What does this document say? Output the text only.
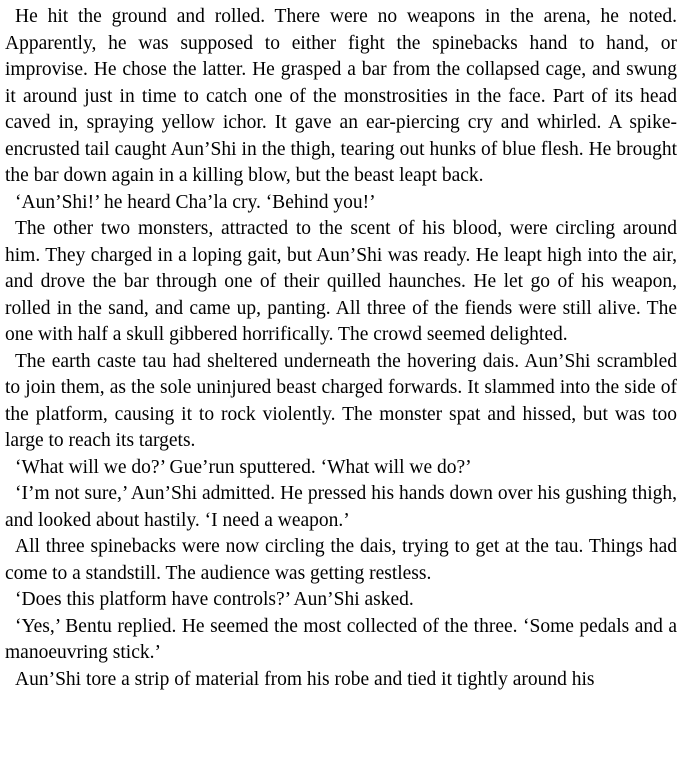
He hit the ground and rolled. There were no weapons in the arena, he noted. Apparently, he was supposed to either fight the spinebacks hand to hand, or improvise. He chose the latter. He grasped a bar from the collapsed cage, and swung it around just in time to catch one of the monstrosities in the face. Part of its head caved in, spraying yellow ichor. It gave an ear-piercing cry and whirled. A spike-encrusted tail caught Aun’Shi in the thigh, tearing out hunks of blue flesh. He brought the bar down again in a killing blow, but the beast leapt back.

‘Aun’Shi!’ he heard Cha’la cry. ‘Behind you!’

The other two monsters, attracted to the scent of his blood, were circling around him. They charged in a loping gait, but Aun’Shi was ready. He leapt high into the air, and drove the bar through one of their quilled haunches. He let go of his weapon, rolled in the sand, and came up, panting. All three of the fiends were still alive. The one with half a skull gibbered horrifically. The crowd seemed delighted.

The earth caste tau had sheltered underneath the hovering dais. Aun’Shi scrambled to join them, as the sole uninjured beast charged forwards. It slammed into the side of the platform, causing it to rock violently. The monster spat and hissed, but was too large to reach its targets.

‘What will we do?’ Gue’run sputtered. ‘What will we do?’

‘I’m not sure,’ Aun’Shi admitted. He pressed his hands down over his gushing thigh, and looked about hastily. ‘I need a weapon.’

All three spinebacks were now circling the dais, trying to get at the tau. Things had come to a standstill. The audience was getting restless.

‘Does this platform have controls?’ Aun’Shi asked.

‘Yes,’ Bentu replied. He seemed the most collected of the three. ‘Some pedals and a manoeuvring stick.’

Aun’Shi tore a strip of material from his robe and tied it tightly around his
